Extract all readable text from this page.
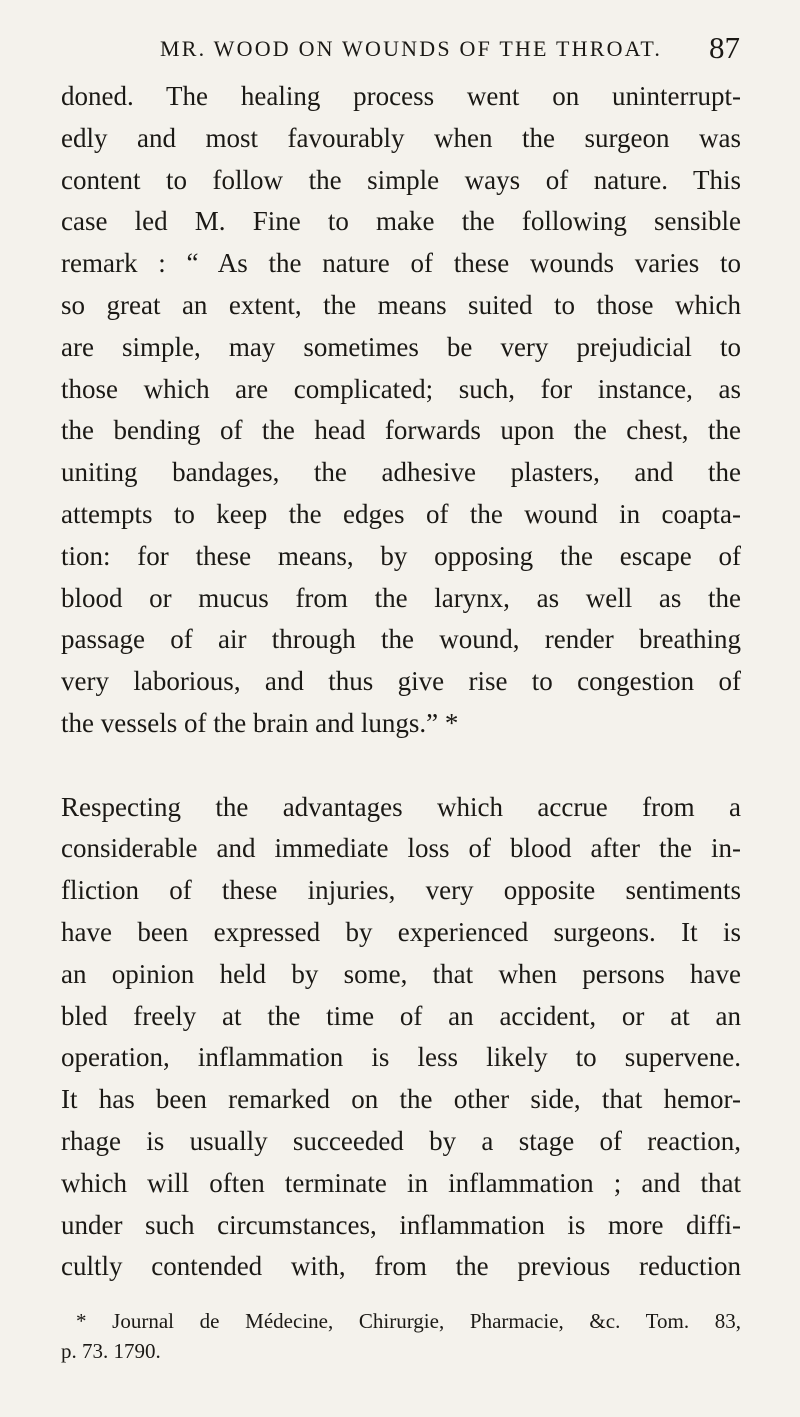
MR. WOOD ON WOUNDS OF THE THROAT. 87
doned. The healing process went on uninterrupt-
edly and most favourably when the surgeon was
content to follow the simple ways of nature. This
case led M. Fine to make the following sensible
remark : “ As the nature of these wounds varies to
so great an extent, the means suited to those which
are simple, may sometimes be very prejudicial to
those which are complicated; such, for instance, as
the bending of the head forwards upon the chest, the
uniting bandages, the adhesive plasters, and the
attempts to keep the edges of the wound in coapta-
tion: for these means, by opposing the escape of
blood or mucus from the larynx, as well as the
passage of air through the wound, render breathing
very laborious, and thus give rise to congestion of
the vessels of the brain and lungs.” *
Respecting the advantages which accrue from a
considerable and immediate loss of blood after the in-
fliction of these injuries, very opposite sentiments
have been expressed by experienced surgeons. It is
an opinion held by some, that when persons have
bled freely at the time of an accident, or at an
operation, inflammation is less likely to supervene.
It has been remarked on the other side, that hemor-
rhage is usually succeeded by a stage of reaction,
which will often terminate in inflammation ; and that
under such circumstances, inflammation is more diffi-
cultly contended with, from the previous reduction
* Journal de Médecine, Chirurgie, Pharmacie, &c. Tom. 83,
p. 73. 1790.
